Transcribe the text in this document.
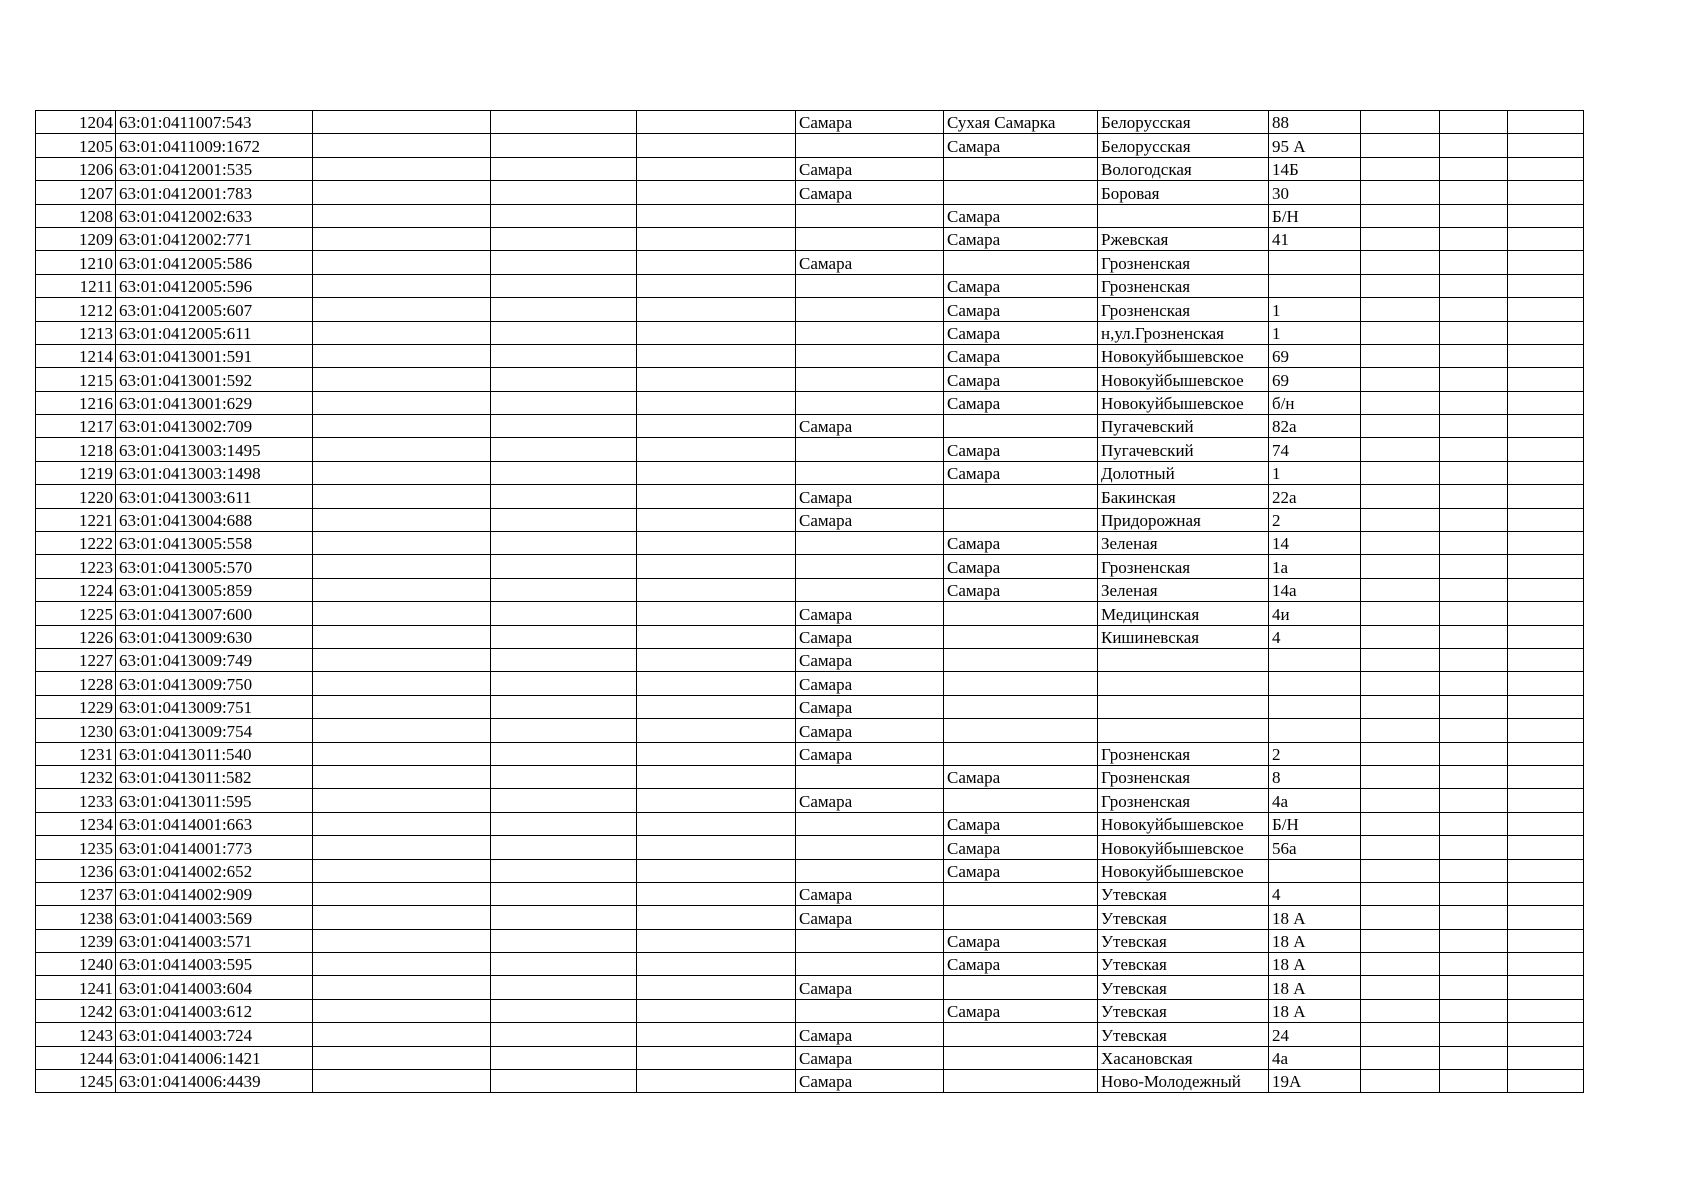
1204	63:01:0411007:543				Самара	Сухая Самарка	Белорусская	88			
1205	63:01:0411009:1672					Самара	Белорусская	95 А			
1206	63:01:0412001:535				Самара		Вологодская	14Б			
1207	63:01:0412001:783				Самара		Боровая	30			
1208	63:01:0412002:633					Самара		Б/Н			
1209	63:01:0412002:771					Самара	Ржевская	41			
1210	63:01:0412005:586				Самара		Грозненская				
1211	63:01:0412005:596					Самара	Грозненская				
1212	63:01:0412005:607					Самара	Грозненская	1			
1213	63:01:0412005:611					Самара	н,ул.Грозненская	1			
1214	63:01:0413001:591					Самара	Новокуйбышевское	69			
1215	63:01:0413001:592					Самара	Новокуйбышевское	69			
1216	63:01:0413001:629					Самара	Новокуйбышевское	б/н			
1217	63:01:0413002:709				Самара		Пугачевский	82а			
1218	63:01:0413003:1495					Самара	Пугачевский	74			
1219	63:01:0413003:1498					Самара	Долотный	1			
1220	63:01:0413003:611				Самара		Бакинская	22а			
1221	63:01:0413004:688				Самара		Придорожная	2			
1222	63:01:0413005:558					Самара	Зеленая	14			
1223	63:01:0413005:570					Самара	Грозненская	1а			
1224	63:01:0413005:859					Самара	Зеленая	14а			
1225	63:01:0413007:600				Самара		Медицинская	4и			
1226	63:01:0413009:630				Самара		Кишиневская	4			
1227	63:01:0413009:749				Самара						
1228	63:01:0413009:750				Самара						
1229	63:01:0413009:751				Самара						
1230	63:01:0413009:754				Самара						
1231	63:01:0413011:540				Самара		Грозненская	2			
1232	63:01:0413011:582					Самара	Грозненская	8			
1233	63:01:0413011:595				Самара		Грозненская	4а			
1234	63:01:0414001:663					Самара	Новокуйбышевское	Б/Н			
1235	63:01:0414001:773					Самара	Новокуйбышевское	56а			
1236	63:01:0414002:652					Самара	Новокуйбышевское				
1237	63:01:0414002:909				Самара		Утевская	4			
1238	63:01:0414003:569				Самара		Утевская	18 А			
1239	63:01:0414003:571					Самара	Утевская	18 А			
1240	63:01:0414003:595					Самара	Утевская	18 А			
1241	63:01:0414003:604				Самара		Утевская	18 А			
1242	63:01:0414003:612					Самара	Утевская	18 А			
1243	63:01:0414003:724				Самара		Утевская	24			
1244	63:01:0414006:1421				Самара		Хасановская	4а			
1245	63:01:0414006:4439				Самара		Ново-Молодежный	19А			
